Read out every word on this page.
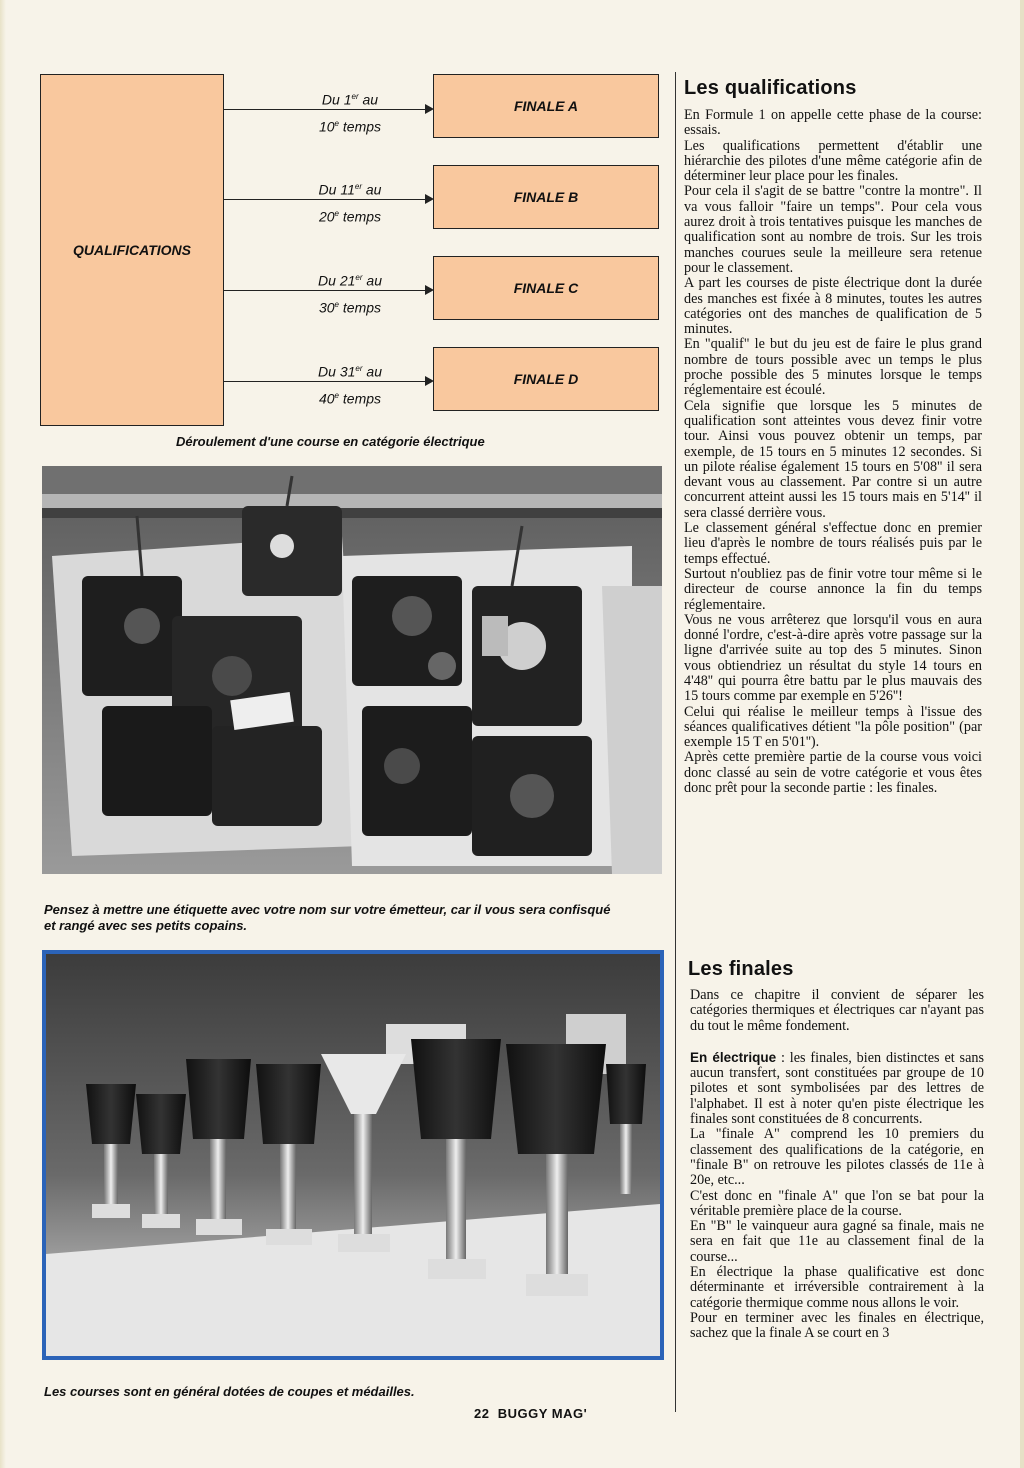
QUALIFICATIONS
Du 1er au
10e temps
FINALE A
Du 11er au
20e temps
FINALE B
Du 21er au
30e temps
FINALE C
Du 31er au
40e temps
FINALE D
Déroulement d'une course en catégorie électrique
Pensez à mettre une étiquette avec votre nom sur votre émetteur, car il vous sera confisqué
et rangé avec ses petits copains.
Les courses sont en général dotées de coupes et médailles.
Les qualifications

En Formule 1 on appelle cette phase de la course: essais.

Les qualifications permettent d'établir une hiérarchie des pilotes d'une même catégorie afin de déterminer leur place pour les finales.

Pour cela il s'agit de se battre "contre la montre". Il va vous falloir "faire un temps". Pour cela vous aurez droit à trois tentatives puisque les manches de qualification sont au nombre de trois. Sur les trois manches courues seule la meilleure sera retenue pour le classement.

A part les courses de piste électrique dont la durée des manches est fixée à 8 minutes, toutes les autres catégories ont des manches de qualification de 5 minutes.

En "qualif" le but du jeu est de faire le plus grand nombre de tours possible avec un temps le plus proche possible des 5 minutes lorsque le temps réglementaire est écoulé.

Cela signifie que lorsque les 5 minutes de qualification sont atteintes vous devez finir votre tour. Ainsi vous pouvez obtenir un temps, par exemple, de 15 tours en 5 minutes 12 secondes. Si un pilote réalise également 15 tours en 5'08'' il sera devant vous au classement. Par contre si un autre concurrent atteint aussi les 15 tours mais en 5'14'' il sera classé derrière vous.

Le classement général s'effectue donc en premier lieu d'après le nombre de tours réalisés puis par le temps effectué.

Surtout n'oubliez pas de finir votre tour même si le directeur de course annonce la fin du temps réglementaire.

Vous ne vous arrêterez que lorsqu'il vous en aura donné l'ordre, c'est-à-dire après votre passage sur la ligne d'arrivée suite au top des 5 minutes. Sinon vous obtiendriez un résultat du style 14 tours en 4'48'' qui pourra être battu par le plus mauvais des 15 tours comme par exemple en 5'26''!

Celui qui réalise le meilleur temps à l'issue des séances qualificatives détient "la pôle position" (par exemple 15 T en 5'01'').

Après cette première partie de la course vous voici donc classé au sein de votre catégorie et vous êtes donc prêt pour la seconde partie : les finales.

Les finales

Dans ce chapitre il convient de séparer les catégories thermiques et électriques car n'ayant pas du tout le même fondement.

En électrique : les finales, bien distinctes et sans aucun transfert, sont constituées par groupe de 10 pilotes et sont symbolisées par des lettres de l'alphabet. Il est à noter qu'en piste électrique les finales sont constituées de 8 concurrents.

La "finale A" comprend les 10 premiers du classement des qualifications de la catégorie, en "finale B" on retrouve les pilotes classés de 11e à 20e, etc...

C'est donc en "finale A" que l'on se bat pour la véritable première place de la course.

En "B" le vainqueur aura gagné sa finale, mais ne sera en fait que 11e au classement final de la course...

En électrique la phase qualificative est donc déterminante et irréversible contrairement à la catégorie thermique comme nous allons le voir.

Pour en terminer avec les finales en électrique, sachez que la finale A se court en 3

22 BUGGY MAG'
